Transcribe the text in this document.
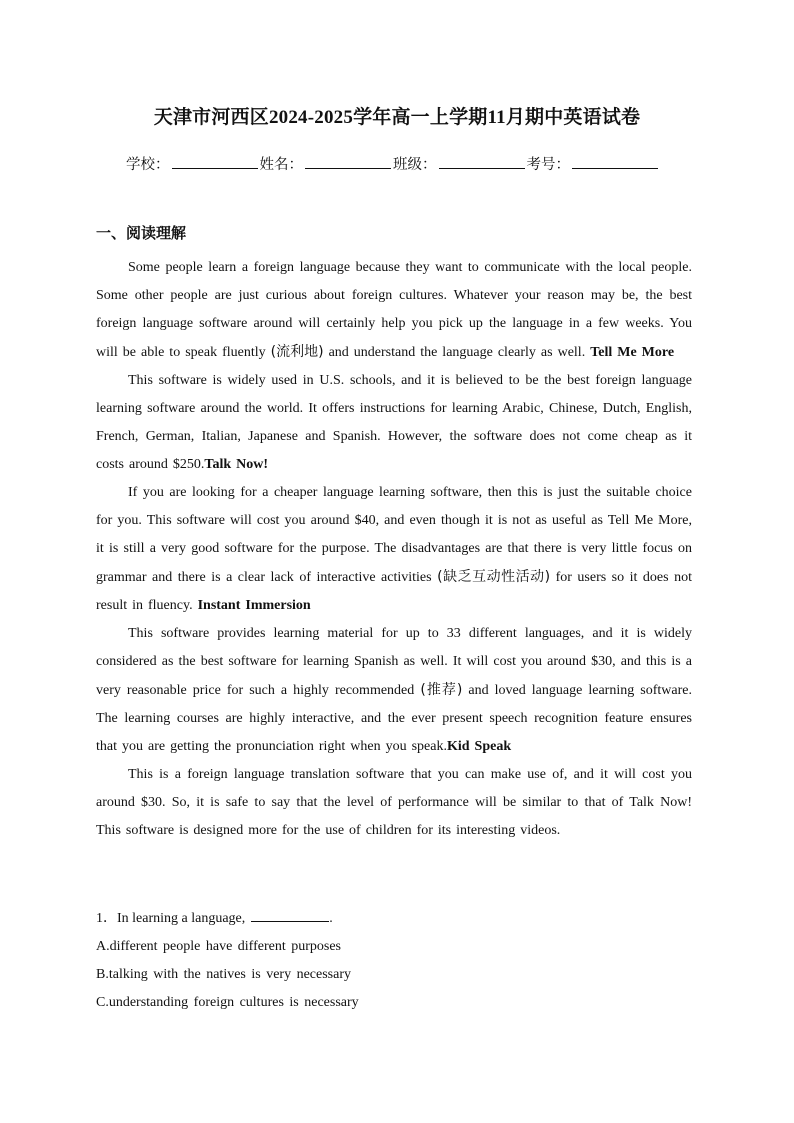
天津市河西区2024-2025学年高一上学期11月期中英语试卷
学校：	姓名：	班级：	考号：
一、阅读理解

Some people learn a foreign language because they want to communicate with the local people. Some other people are just curious about foreign cultures. Whatever your reason may be, the best foreign language software around will certainly help you pick up the language in a few weeks. You will be able to speak fluently (流利地) and understand the language clearly as well. Tell Me More

This software is widely used in U.S. schools, and it is believed to be the best foreign language learning software around the world. It offers instructions for learning Arabic, Chinese, Dutch, English, French, German, Italian, Japanese and Spanish. However, the software does not come cheap as it costs around $250.Talk Now!

If you are looking for a cheaper language learning software, then this is just the suitable choice for you. This software will cost you around $40, and even though it is not as useful as Tell Me More, it is still a very good software for the purpose. The disadvantages are that there is very little focus on grammar and there is a clear lack of interactive activities (缺乏互动性活动) for users so it does not result in fluency. Instant Immersion

This software provides learning material for up to 33 different languages, and it is widely considered as the best software for learning Spanish as well. It will cost you around $30, and this is a very reasonable price for such a highly recommended (推荐) and loved language learning software. The learning courses are highly interactive, and the ever present speech recognition feature ensures that you are getting the pronunciation right when you speak.Kid Speak

This is a foreign language translation software that you can make use of, and it will cost you around $30. So, it is safe to say that the level of performance will be similar to that of Talk Now! This software is designed more for the use of children for its interesting videos.

1．In learning a language,	.
A.different people have different purposes
B.talking with the natives is very necessary
C.understanding foreign cultures is necessary
